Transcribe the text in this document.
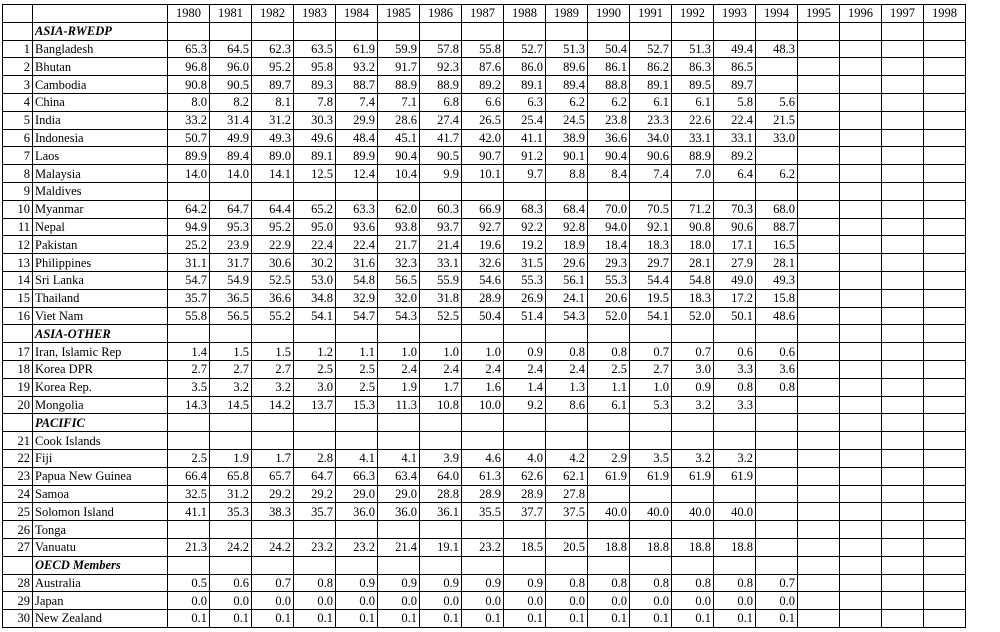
		1980	1981	1982	1983	1984	1985	1986	1987	1988	1989	1990	1991	1992	1993	1994	1995	1996	1997	1998
	ASIA-RWEDP																			
1	Bangladesh	65.3	64.5	62.3	63.5	61.9	59.9	57.8	55.8	52.7	51.3	50.4	52.7	51.3	49.4	48.3				
2	Bhutan	96.8	96.0	95.2	95.8	93.2	91.7	92.3	87.6	86.0	89.6	86.1	86.2	86.3	86.5					
3	Cambodia	90.8	90.5	89.7	89.3	88.7	88.9	88.9	89.2	89.1	89.4	88.8	89.1	89.5	89.7					
4	China	8.0	8.2	8.1	7.8	7.4	7.1	6.8	6.6	6.3	6.2	6.2	6.1	6.1	5.8	5.6				
5	India	33.2	31.4	31.2	30.3	29.9	28.6	27.4	26.5	25.4	24.5	23.8	23.3	22.6	22.4	21.5				
6	Indonesia	50.7	49.9	49.3	49.6	48.4	45.1	41.7	42.0	41.1	38.9	36.6	34.0	33.1	33.1	33.0				
7	Laos	89.9	89.4	89.0	89.1	89.9	90.4	90.5	90.7	91.2	90.1	90.4	90.6	88.9	89.2					
8	Malaysia	14.0	14.0	14.1	12.5	12.4	10.4	9.9	10.1	9.7	8.8	8.4	7.4	7.0	6.4	6.2				
9	Maldives																			
10	Myanmar	64.2	64.7	64.4	65.2	63.3	62.0	60.3	66.9	68.3	68.4	70.0	70.5	71.2	70.3	68.0				
11	Nepal	94.9	95.3	95.2	95.0	93.6	93.8	93.7	92.7	92.2	92.8	94.0	92.1	90.8	90.6	88.7				
12	Pakistan	25.2	23.9	22.9	22.4	22.4	21.7	21.4	19.6	19.2	18.9	18.4	18.3	18.0	17.1	16.5				
13	Philippines	31.1	31.7	30.6	30.2	31.6	32.3	33.1	32.6	31.5	29.6	29.3	29.7	28.1	27.9	28.1				
14	Sri Lanka	54.7	54.9	52.5	53.0	54.8	56.5	55.9	54.6	55.3	56.1	55.3	54.4	54.8	49.0	49.3				
15	Thailand	35.7	36.5	36.6	34.8	32.9	32.0	31.8	28.9	26.9	24.1	20.6	19.5	18.3	17.2	15.8				
16	Viet Nam	55.8	56.5	55.2	54.1	54.7	54.3	52.5	50.4	51.4	54.3	52.0	54.1	52.0	50.1	48.6				
	ASIA-OTHER																			
17	Iran, Islamic Rep	1.4	1.5	1.5	1.2	1.1	1.0	1.0	1.0	0.9	0.8	0.8	0.7	0.7	0.6	0.6				
18	Korea DPR	2.7	2.7	2.7	2.5	2.5	2.4	2.4	2.4	2.4	2.4	2.5	2.7	3.0	3.3	3.6				
19	Korea Rep.	3.5	3.2	3.2	3.0	2.5	1.9	1.7	1.6	1.4	1.3	1.1	1.0	0.9	0.8	0.8				
20	Mongolia	14.3	14.5	14.2	13.7	15.3	11.3	10.8	10.0	9.2	8.6	6.1	5.3	3.2	3.3					
	PACIFIC																			
21	Cook Islands																			
22	Fiji	2.5	1.9	1.7	2.8	4.1	4.1	3.9	4.6	4.0	4.2	2.9	3.5	3.2	3.2					
23	Papua New Guinea	66.4	65.8	65.7	64.7	66.3	63.4	64.0	61.3	62.6	62.1	61.9	61.9	61.9	61.9					
24	Samoa	32.5	31.2	29.2	29.2	29.0	29.0	28.8	28.9	28.9	27.8									
25	Solomon Island	41.1	35.3	38.3	35.7	36.0	36.0	36.1	35.5	37.7	37.5	40.0	40.0	40.0	40.0					
26	Tonga																			
27	Vanuatu	21.3	24.2	24.2	23.2	23.2	21.4	19.1	23.2	18.5	20.5	18.8	18.8	18.8	18.8					
	OECD Members																			
28	Australia	0.5	0.6	0.7	0.8	0.9	0.9	0.9	0.9	0.9	0.8	0.8	0.8	0.8	0.8	0.7				
29	Japan	0.0	0.0	0.0	0.0	0.0	0.0	0.0	0.0	0.0	0.0	0.0	0.0	0.0	0.0	0.0				
30	New Zealand	0.1	0.1	0.1	0.1	0.1	0.1	0.1	0.1	0.1	0.1	0.1	0.1	0.1	0.1	0.1				
